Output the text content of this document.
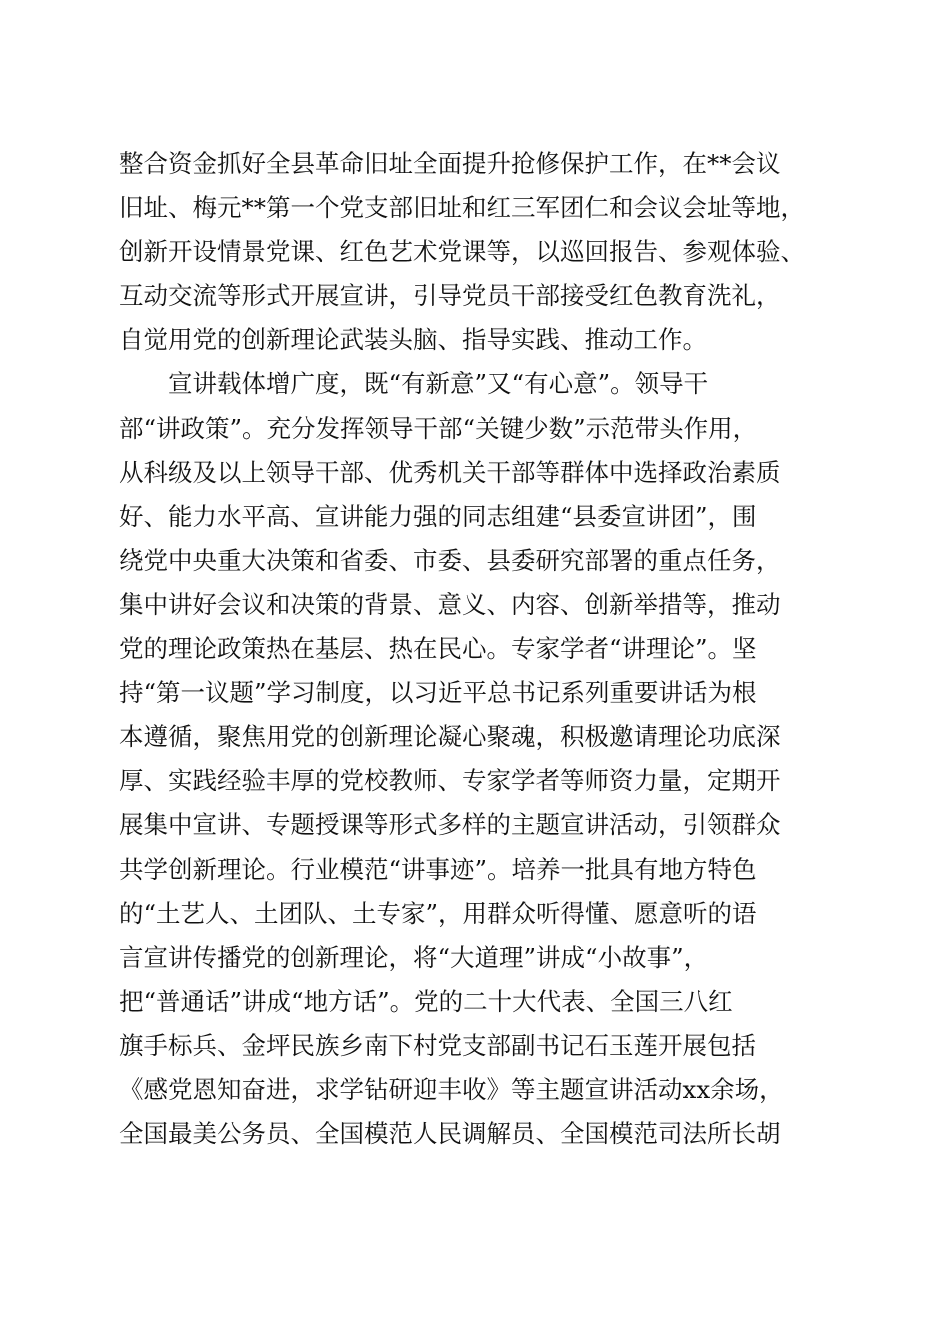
整合资金抓好全县革命旧址全面提升抢修保护工作，在**会议
旧址、梅元**第一个党支部旧址和红三军团仁和会议会址等地，
创新开设情景党课、红色艺术党课等，以巡回报告、参观体验、
互动交流等形式开展宣讲，引导党员干部接受红色教育洗礼，
自觉用党的创新理论武装头脑、指导实践、推动工作。
宣讲载体增广度，既“有新意”又“有心意”。领导干
部“讲政策”。充分发挥领导干部“关键少数”示范带头作用，
从科级及以上领导干部、优秀机关干部等群体中选择政治素质
好、能力水平高、宣讲能力强的同志组建“县委宣讲团”，围
绕党中央重大决策和省委、市委、县委研究部署的重点任务，
集中讲好会议和决策的背景、意义、内容、创新举措等，推动
党的理论政策热在基层、热在民心。专家学者“讲理论”。坚
持“第一议题”学习制度，以习近平总书记系列重要讲话为根
本遵循，聚焦用党的创新理论凝心聚魂，积极邀请理论功底深
厚、实践经验丰厚的党校教师、专家学者等师资力量，定期开
展集中宣讲、专题授课等形式多样的主题宣讲活动，引领群众
共学创新理论。行业模范“讲事迹”。培养一批具有地方特色
的“土艺人、土团队、土专家”，用群众听得懂、愿意听的语
言宣讲传播党的创新理论，将“大道理”讲成“小故事”，
把“普通话”讲成“地方话”。党的二十大代表、全国三八红
旗手标兵、金坪民族乡南下村党支部副书记石玉莲开展包括
《感党恩知奋进，求学钻研迎丰收》等主题宣讲活动xx余场，
全国最美公务员、全国模范人民调解员、全国模范司法所长胡
